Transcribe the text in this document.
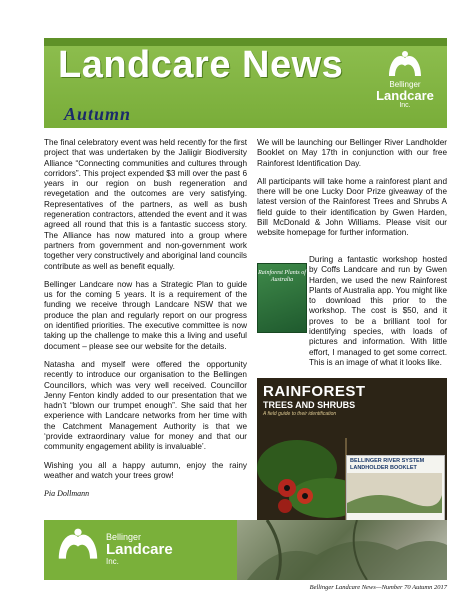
Landcare News
Autumn
Bellinger
Landcare
Inc.

The final celebratory event was held recently for the first project that was undertaken by the Jaliigir Biodiversity Alliance “Connecting communities and cultures through corridors”. This project expended $3 mill over the past 6 years in our region on bush regeneration and revegetation and the outcomes are very satisfying. Representatives of the partners, as well as bush regeneration contractors, attended the event and it was agreed all round that this is a fantastic success story. The Alliance has now matured into a group where partners from government and non-government work together very constructively and aboriginal land councils contribute as well as benefit equally.

Bellinger Landcare now has a Strategic Plan to guide us for the coming 5 years. It is a requirement of the funding we receive through Landcare NSW that we produce the plan and regularly report on our progress on identified priorities. The executive committee is now taking up the challenge to make this a living and useful document – please see our website for the details.

Natasha and myself were offered the opportunity recently to introduce our organisation to the Bellingen Councillors, which was very well received. Councillor Jenny Fenton kindly added to our presentation that we hadn’t “blown our trumpet enough”. She said that her experience with Landcare networks from her time with the Catchment Management Authority is that we ‘provide extraordinary value for money and that our community engagement ability is invaluable’.

Wishing you all a happy autumn, enjoy the rainy weather and watch your trees grow!

Pia Dollmann

We will be launching our Bellinger River Landholder Booklet on May 17th in conjunction with our free Rainforest Identification Day.

All participants will take home a rainforest plant and there will be one Lucky Door Prize giveaway of the latest version of the Rainforest Trees and Shrubs A field guide to their identification by Gwen Harden, Bill McDonald & John Williams. Please visit our website homepage for further information.

Rainforest Plants of Australia
During a fantastic workshop hosted by Coffs Landcare and run by Gwen Harden, we used the new Rainforest Plants of Australia app. You might like to download this prior to the workshop. The cost is $50, and it proves to be a brilliant tool for identifying species, with loads of pictures and information. With little effort, I managed to get some correct. This is an image of what it looks like.
RAINFOREST
TREES AND SHRUBS
A field guide to their identification
BELLINGER RIVER SYSTEM LANDHOLDER BOOKLET
Bellinger
Landcare
Inc.
Bellinger Landcare News—Number 70 Autumn 2017
